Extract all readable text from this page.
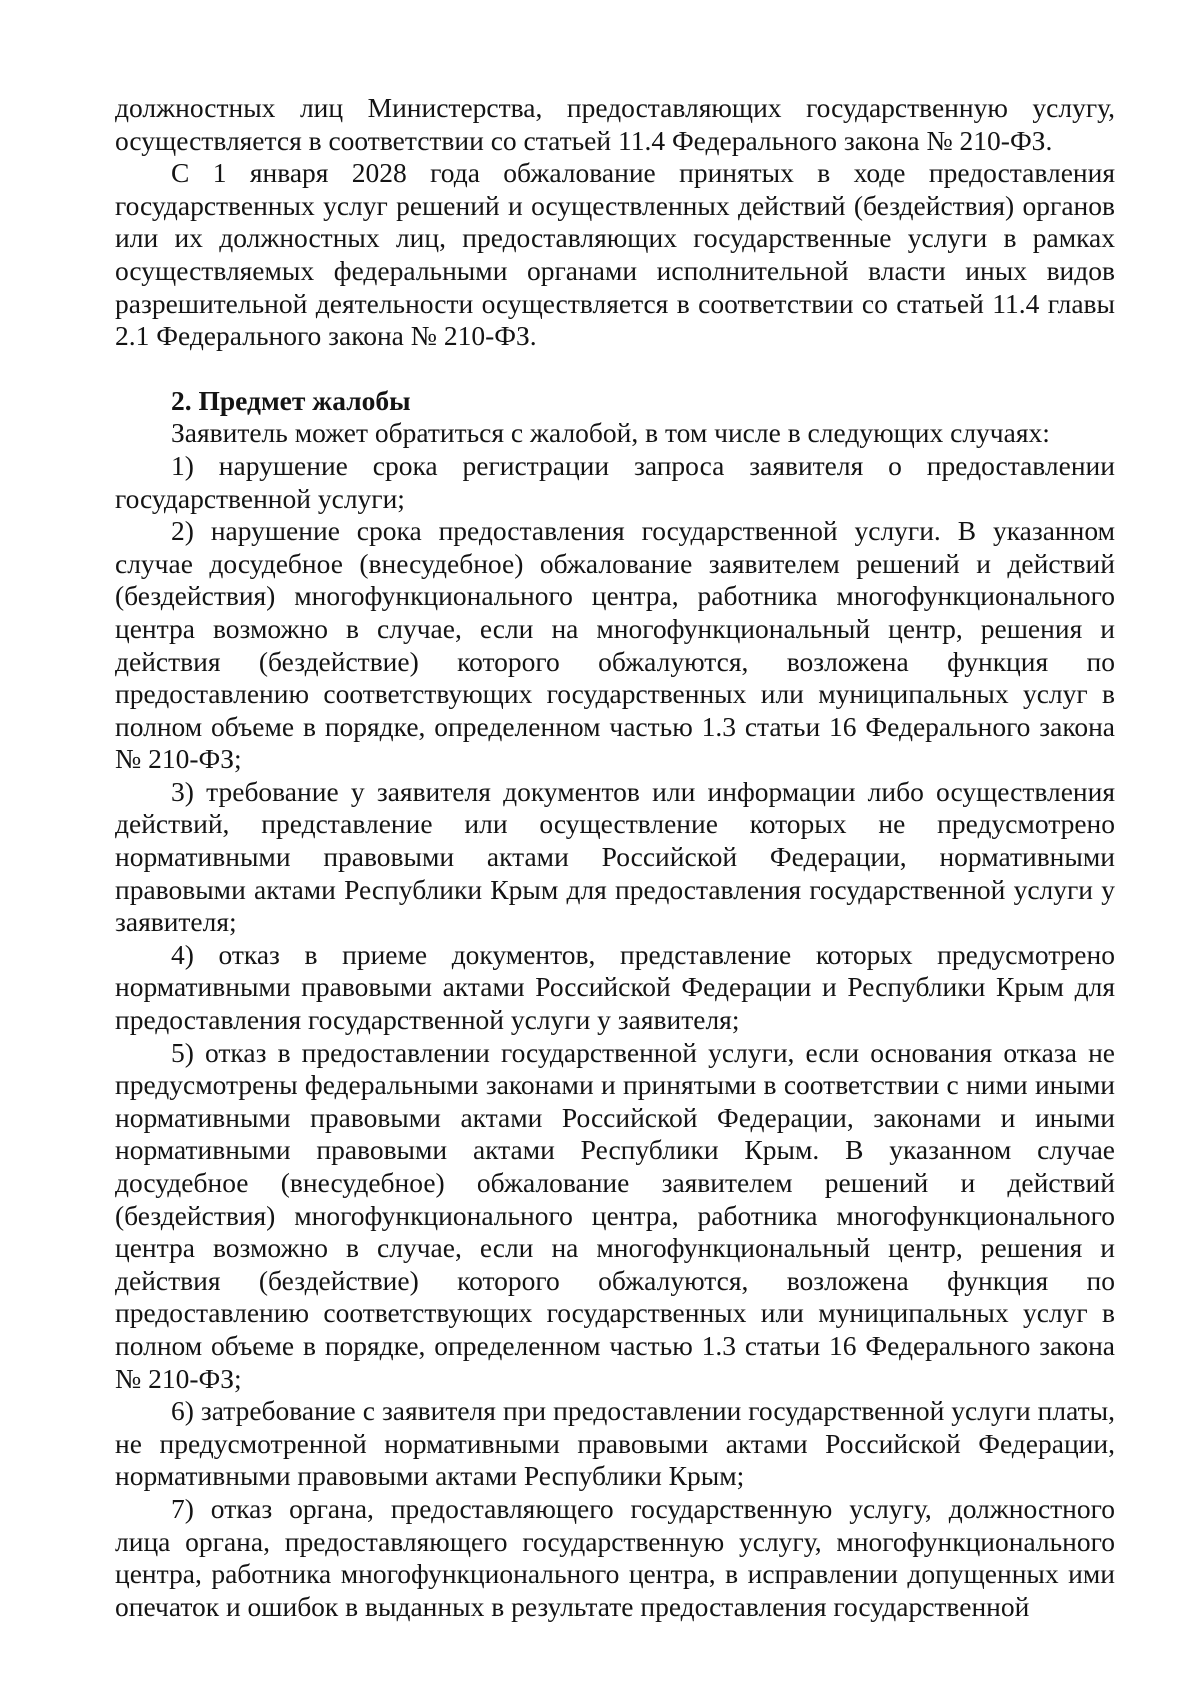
должностных лиц Министерства, предоставляющих государственную услугу, осуществляется в соответствии со статьей 11.4 Федерального закона № 210-ФЗ.

С 1 января 2028 года обжалование принятых в ходе предоставления государственных услуг решений и осуществленных действий (бездействия) органов или их должностных лиц, предоставляющих государственные услуги в рамках осуществляемых федеральными органами исполнительной власти иных видов разрешительной деятельности осуществляется в соответствии со статьей 11.4 главы 2.1 Федерального закона № 210-ФЗ.

2. Предмет жалобы

Заявитель может обратиться с жалобой, в том числе в следующих случаях:

1) нарушение срока регистрации запроса заявителя о предоставлении государственной услуги;

2) нарушение срока предоставления государственной услуги. В указанном случае досудебное (внесудебное) обжалование заявителем решений и действий (бездействия) многофункционального центра, работника многофункционального центра возможно в случае, если на многофункциональный центр, решения и действия (бездействие) которого обжалуются, возложена функция по предоставлению соответствующих государственных или муниципальных услуг в полном объеме в порядке, определенном частью 1.3 статьи 16 Федерального закона № 210-ФЗ;

3) требование у заявителя документов или информации либо осуществления действий, представление или осуществление которых не предусмотрено нормативными правовыми актами Российской Федерации, нормативными правовыми актами Республики Крым для предоставления государственной услуги у заявителя;

4) отказ в приеме документов, представление которых предусмотрено нормативными правовыми актами Российской Федерации и Республики Крым для предоставления государственной услуги у заявителя;

5) отказ в предоставлении государственной услуги, если основания отказа не предусмотрены федеральными законами и принятыми в соответствии с ними иными нормативными правовыми актами Российской Федерации, законами и иными нормативными правовыми актами Республики Крым. В указанном случае досудебное (внесудебное) обжалование заявителем решений и действий (бездействия) многофункционального центра, работника многофункционального центра возможно в случае, если на многофункциональный центр, решения и действия (бездействие) которого обжалуются, возложена функция по предоставлению соответствующих государственных или муниципальных услуг в полном объеме в порядке, определенном частью 1.3 статьи 16 Федерального закона № 210-ФЗ;

6) затребование с заявителя при предоставлении государственной услуги платы, не предусмотренной нормативными правовыми актами Российской Федерации, нормативными правовыми актами Республики Крым;

7) отказ органа, предоставляющего государственную услугу, должностного лица органа, предоставляющего государственную услугу, многофункционального центра, работника многофункционального центра, в исправлении допущенных ими опечаток и ошибок в выданных в результате предоставления государственной
